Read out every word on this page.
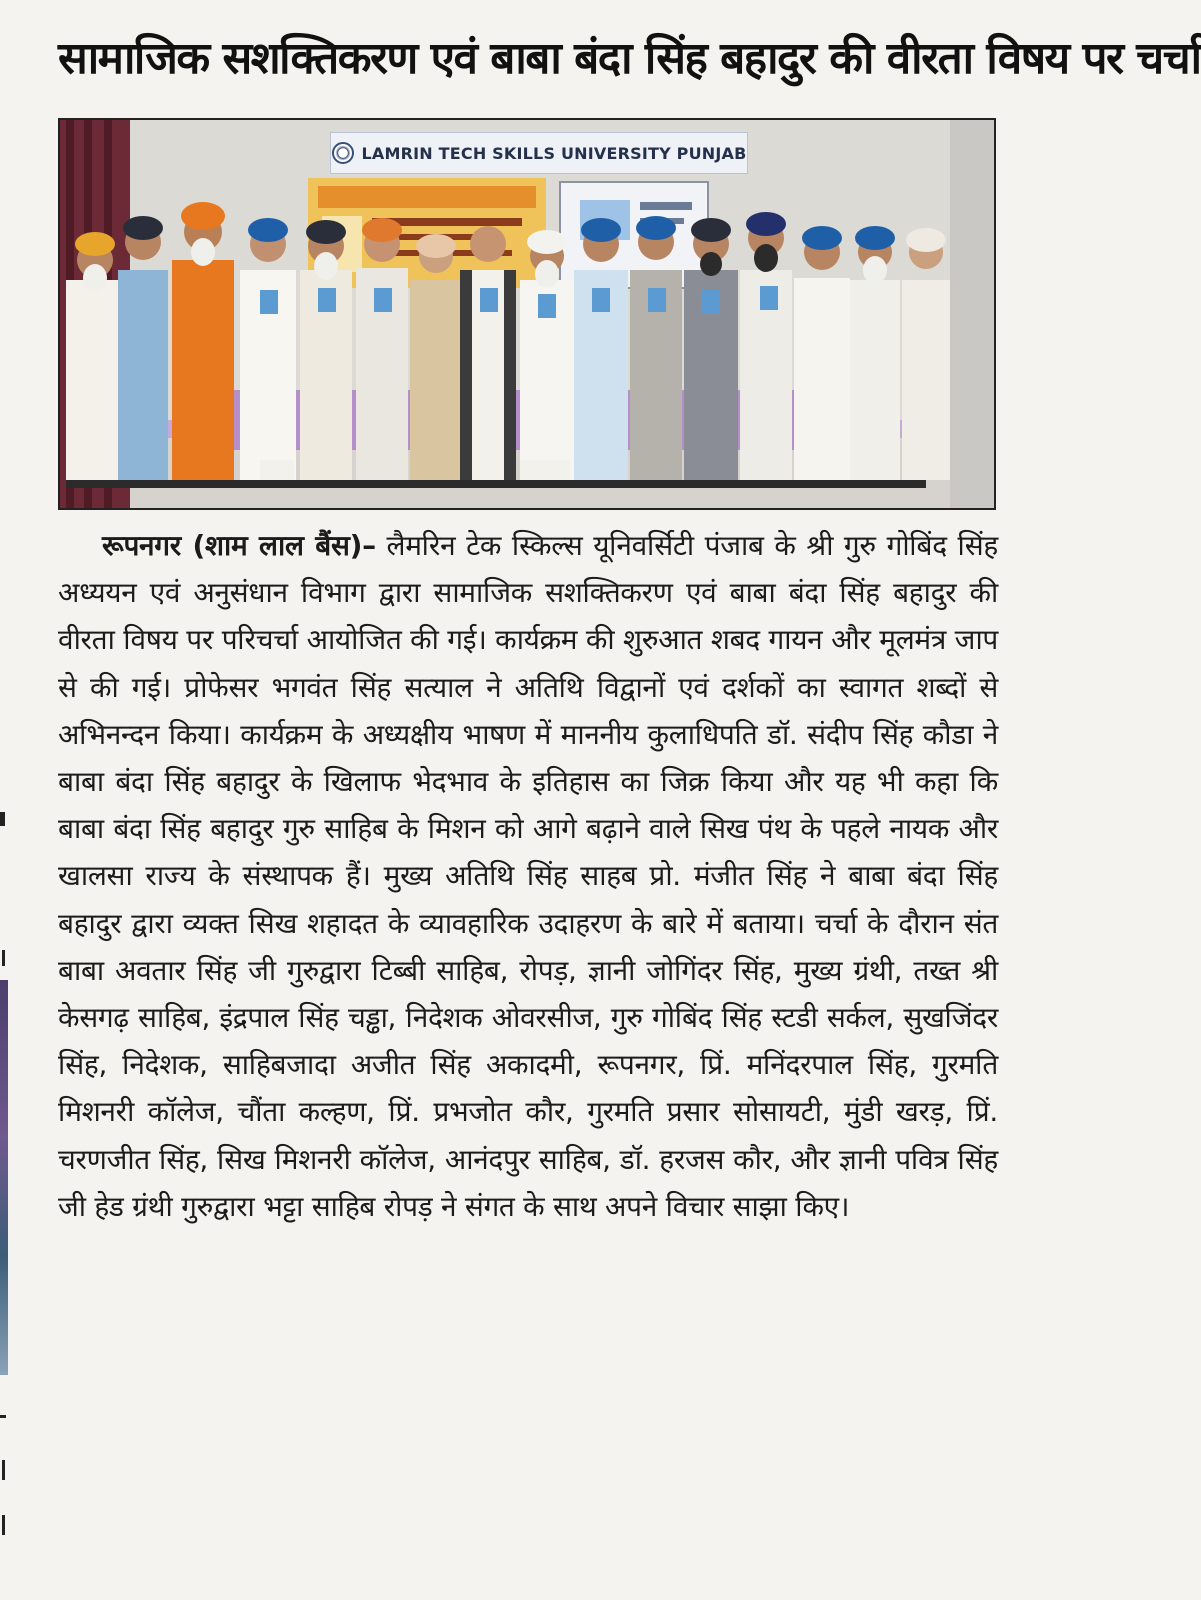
सामाजिक सशक्तिकरण एवं बाबा बंदा सिंह बहादुर की वीरता विषय पर चर्चा
LAMRIN TECH SKILLS UNIVERSITY PUNJAB
रूपनगर (शाम लाल बैंस)– लैमरिन टेक स्किल्स यूनिवर्सिटी पंजाब के श्री गुरु गोबिंद सिंह अध्ययन एवं अनुसंधान विभाग द्वारा सामाजिक सशक्तिकरण एवं बाबा बंदा सिंह बहादुर की वीरता विषय पर परिचर्चा आयोजित की गई। कार्यक्रम की शुरुआत शबद गायन और मूलमंत्र जाप से की गई। प्रोफेसर भगवंत सिंह सत्याल ने अतिथि विद्वानों एवं दर्शकों का स्वागत शब्दों से अभिनन्दन किया। कार्यक्रम के अध्यक्षीय भाषण में माननीय कुलाधिपति डॉ. संदीप सिंह कौडा ने बाबा बंदा सिंह बहादुर के खिलाफ भेदभाव के इतिहास का जिक्र किया और यह भी कहा कि बाबा बंदा सिंह बहादुर गुरु साहिब के मिशन को आगे बढ़ाने वाले सिख पंथ के पहले नायक और खालसा राज्य के संस्थापक हैं। मुख्य अतिथि सिंह साहब प्रो. मंजीत सिंह ने बाबा बंदा सिंह बहादुर द्वारा व्यक्त सिख शहादत के व्यावहारिक उदाहरण के बारे में बताया। चर्चा के दौरान संत बाबा अवतार सिंह जी गुरुद्वारा टिब्बी साहिब, रोपड़, ज्ञानी जोगिंदर सिंह, मुख्य ग्रंथी, तख्त श्री केसगढ़ साहिब, इंद्रपाल सिंह चड्ढा, निदेशक ओवरसीज, गुरु गोबिंद सिंह स्टडी सर्कल, सुखजिंदर सिंह, निदेशक, साहिबजादा अजीत सिंह अकादमी, रूपनगर, प्रिं. मनिंदरपाल सिंह, गुरमति मिशनरी कॉलेज, चौंता कल्हण, प्रिं. प्रभजोत कौर, गुरमति प्रसार सोसायटी, मुंडी खरड़, प्रिं. चरणजीत सिंह, सिख मिशनरी कॉलेज, आनंदपुर साहिब, डॉ. हरजस कौर, और ज्ञानी पवित्र सिंह जी हेड ग्रंथी गुरुद्वारा भट्टा साहिब रोपड़ ने संगत के साथ अपने विचार साझा किए।
